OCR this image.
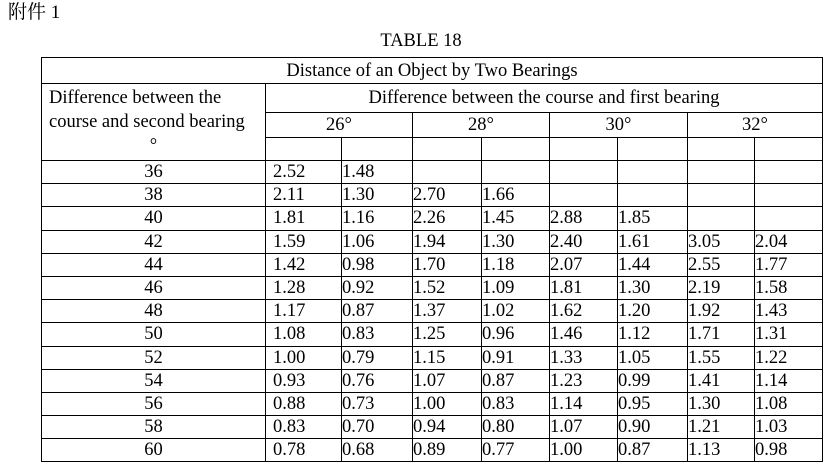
附件 1
TABLE 18
Distance of an Object by Two Bearings								

Difference between the
course and second bearing
°	Difference between the course and first bearing							
	26°		28°		30°		32°	

36	2.52	1.48						
38	2.11	1.30	2.70	1.66				
40	1.81	1.16	2.26	1.45	2.88	1.85		
42	1.59	1.06	1.94	1.30	2.40	1.61	3.05	2.04
44	1.42	0.98	1.70	1.18	2.07	1.44	2.55	1.77
46	1.28	0.92	1.52	1.09	1.81	1.30	2.19	1.58
48	1.17	0.87	1.37	1.02	1.62	1.20	1.92	1.43
50	1.08	0.83	1.25	0.96	1.46	1.12	1.71	1.31
52	1.00	0.79	1.15	0.91	1.33	1.05	1.55	1.22
54	0.93	0.76	1.07	0.87	1.23	0.99	1.41	1.14
56	0.88	0.73	1.00	0.83	1.14	0.95	1.30	1.08
58	0.83	0.70	0.94	0.80	1.07	0.90	1.21	1.03
60	0.78	0.68	0.89	0.77	1.00	0.87	1.13	0.98
